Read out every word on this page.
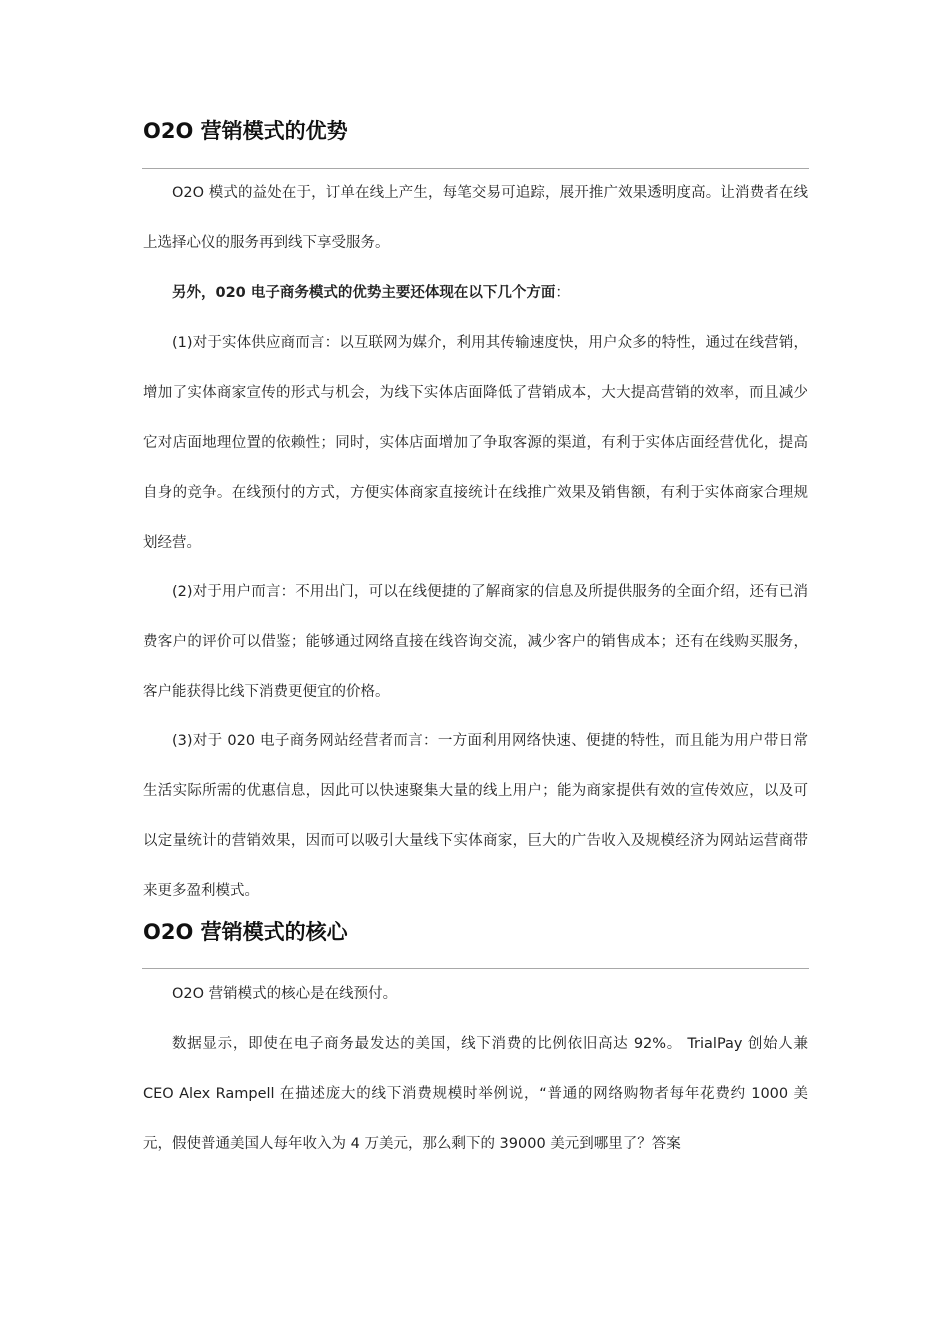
O2O 营销模式的优势

O2O 模式的益处在于，订单在线上产生，每笔交易可追踪，展开推广效果透明度高。让消费者在线上选择心仪的服务再到线下享受服务。

另外，020 电子商务模式的优势主要还体现在以下几个方面：

(1)对于实体供应商而言：以互联网为媒介，利用其传输速度快，用户众多的特性，通过在线营销，增加了实体商家宣传的形式与机会，为线下实体店面降低了营销成本，大大提高营销的效率，而且减少它对店面地理位置的依赖性；同时，实体店面增加了争取客源的渠道，有利于实体店面经营优化，提高自身的竞争。在线预付的方式，方便实体商家直接统计在线推广效果及销售额，有利于实体商家合理规划经营。

(2)对于用户而言：不用出门，可以在线便捷的了解商家的信息及所提供服务的全面介绍，还有已消费客户的评价可以借鉴；能够通过网络直接在线咨询交流，减少客户的销售成本；还有在线购买服务，客户能获得比线下消费更便宜的价格。

(3)对于 020 电子商务网站经营者而言：一方面利用网络快速、便捷的特性，而且能为用户带日常生活实际所需的优惠信息，因此可以快速聚集大量的线上用户；能为商家提供有效的宣传效应，以及可以定量统计的营销效果，因而可以吸引大量线下实体商家，巨大的广告收入及规模经济为网站运营商带来更多盈利模式。

O2O 营销模式的核心

O2O 营销模式的核心是在线预付。

数据显示，即使在电子商务最发达的美国，线下消费的比例依旧高达 92%。 TrialPay 创始人兼 CEO Alex Rampell 在描述庞大的线下消费规模时举例说，“普通的网络购物者每年花费约 1000 美元，假使普通美国人每年收入为 4 万美元，那么剩下的 39000 美元到哪里了？答案
